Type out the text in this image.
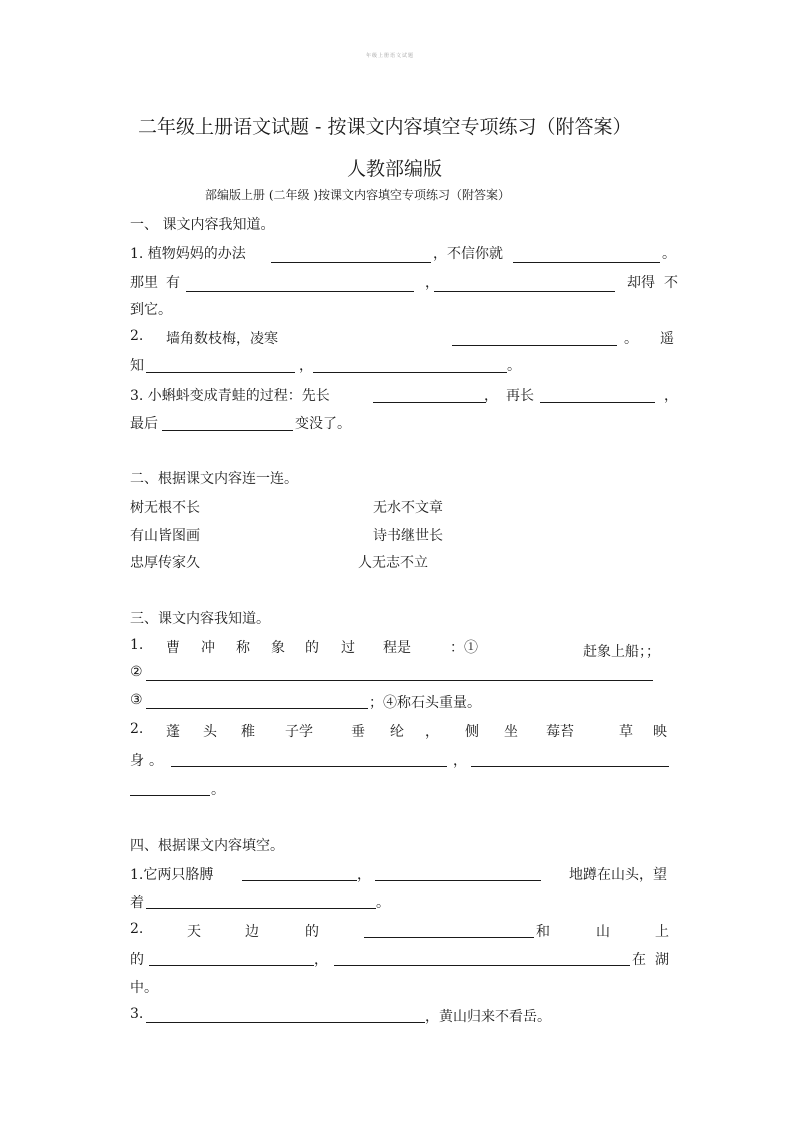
年级上册语文试题
二年级上册语文试题 - 按课文内容填空专项练习（附答案）
人教部编版
部编版上册 (二年级 )按课文内容填空专项练习（附答案）
一、 课文内容我知道。
1. 植物妈妈的办法	，不信你就	。
那里 有	，	却得 不
到它。
2. 墙角数枝梅，凌寒	。 遥
知	，	。
3. 小蝌蚪变成青蛙的过程：先长	， 再长	，
最后	变没了。
二、根据课文内容连一连。
树无根不长
有山皆图画
忠厚传家久
无水不文章
诗书继世长
人无志不立
三、课文内容我知道。
1. 曹 冲 称 象 的 过 程是	：①	赶象上船；；
②
③	；④称石头重量。
2. 蓬 头 稚 子学	垂 纶 ， 侧 坐 莓苔	草 映
身 。	，
。
四、根据课文内容填空。
1.它两只胳膊	，	地蹲在山头，望
着	。
2.	天	边	的	和	山	上
的	，	在 湖
中。
3.	，黄山归来不看岳。
